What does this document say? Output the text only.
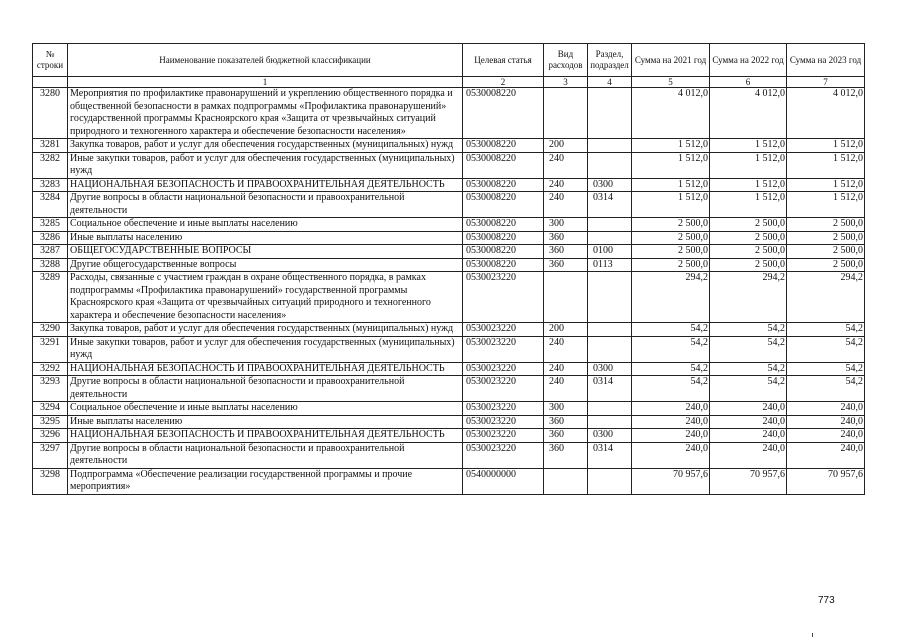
№ строки	Наименование показателей бюджетной классификации	Целевая статья	Вид расходов	Раздел, подраздел	Сумма на 2021 год	Сумма на 2022 год	Сумма на 2023 год
	1	2	3	4	5	6	7
3280	Мероприятия по профилактике правонарушений и укреплению общественного порядка и общественной безопасности в рамках подпрограммы «Профилактика правонарушений» государственной программы Красноярского края «Защита от чрезвычайных ситуаций природного и техногенного характера и обеспечение безопасности населения»	0530008220			4 012,0	4 012,0	4 012,0
3281	Закупка товаров, работ и услуг для обеспечения государственных (муниципальных) нужд	0530008220	200		1 512,0	1 512,0	1 512,0
3282	Иные закупки товаров, работ и услуг для обеспечения государственных (муниципальных) нужд	0530008220	240		1 512,0	1 512,0	1 512,0
3283	НАЦИОНАЛЬНАЯ БЕЗОПАСНОСТЬ И ПРАВООХРАНИТЕЛЬНАЯ ДЕЯТЕЛЬНОСТЬ	0530008220	240	0300	1 512,0	1 512,0	1 512,0
3284	Другие вопросы в области национальной безопасности и правоохранительной деятельности	0530008220	240	0314	1 512,0	1 512,0	1 512,0
3285	Социальное обеспечение и иные выплаты населению	0530008220	300		2 500,0	2 500,0	2 500,0
3286	Иные выплаты населению	0530008220	360		2 500,0	2 500,0	2 500,0
3287	ОБЩЕГОСУДАРСТВЕННЫЕ ВОПРОСЫ	0530008220	360	0100	2 500,0	2 500,0	2 500,0
3288	Другие общегосударственные вопросы	0530008220	360	0113	2 500,0	2 500,0	2 500,0
3289	Расходы, связанные с участием граждан в охране общественного порядка, в рамках подпрограммы «Профилактика правонарушений» государственной программы Красноярского края «Защита от чрезвычайных ситуаций природного и техногенного характера и обеспечение безопасности населения»	0530023220			294,2	294,2	294,2
3290	Закупка товаров, работ и услуг для обеспечения государственных (муниципальных) нужд	0530023220	200		54,2	54,2	54,2
3291	Иные закупки товаров, работ и услуг для обеспечения государственных (муниципальных) нужд	0530023220	240		54,2	54,2	54,2
3292	НАЦИОНАЛЬНАЯ БЕЗОПАСНОСТЬ И ПРАВООХРАНИТЕЛЬНАЯ ДЕЯТЕЛЬНОСТЬ	0530023220	240	0300	54,2	54,2	54,2
3293	Другие вопросы в области национальной безопасности и правоохранительной деятельности	0530023220	240	0314	54,2	54,2	54,2
3294	Социальное обеспечение и иные выплаты населению	0530023220	300		240,0	240,0	240,0
3295	Иные выплаты населению	0530023220	360		240,0	240,0	240,0
3296	НАЦИОНАЛЬНАЯ БЕЗОПАСНОСТЬ И ПРАВООХРАНИТЕЛЬНАЯ ДЕЯТЕЛЬНОСТЬ	0530023220	360	0300	240,0	240,0	240,0
3297	Другие вопросы в области национальной безопасности и правоохранительной деятельности	0530023220	360	0314	240,0	240,0	240,0
3298	Подпрограмма «Обеспечение реализации государственной программы и прочие мероприятия»	0540000000			70 957,6	70 957,6	70 957,6
773
